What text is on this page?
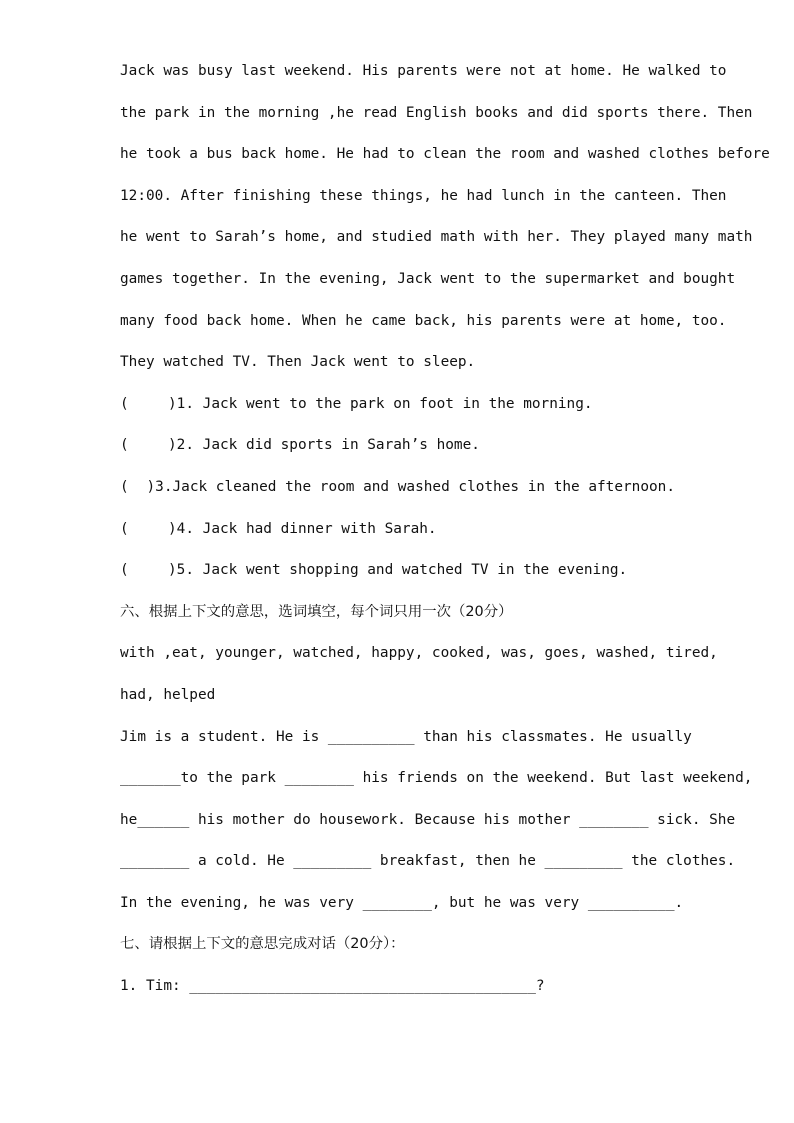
Jack was busy last weekend. His parents were not at home. He walked to
the park in the morning ,he read English books and did sports there. Then
he took a bus back home. He had to clean the room and washed clothes before
12:00. After finishing these things, he had lunch in the canteen. Then
he went to Sarah’s home, and studied math with her. They played many math
games together. In the evening, Jack went to the supermarket and bought
many food back home. When he came back, his parents were at home, too.
They watched TV. Then Jack went to sleep.
(	)1. Jack went to the park on foot in the morning.
(	)2. Jack did sports in Sarah’s home.
(	)3.Jack cleaned the room and washed clothes in the afternoon.
(	)4. Jack had dinner with Sarah.
(	)5. Jack went shopping and watched TV in the evening.
六、根据上下文的意思，选词填空，每个词只用一次（20分）
with ,eat, younger, watched, happy, cooked, was, goes, washed, tired,
had, helped
Jim is a student. He is __________ than his classmates. He usually
_______to the park ________ his friends on the weekend. But last weekend,
he______ his mother do housework. Because his mother ________ sick. She
________ a cold. He _________ breakfast, then he _________ the clothes.
In the evening, he was very ________, but he was very __________.
七、请根据上下文的意思完成对话（20分）：
1. Tim: ________________________________________?
